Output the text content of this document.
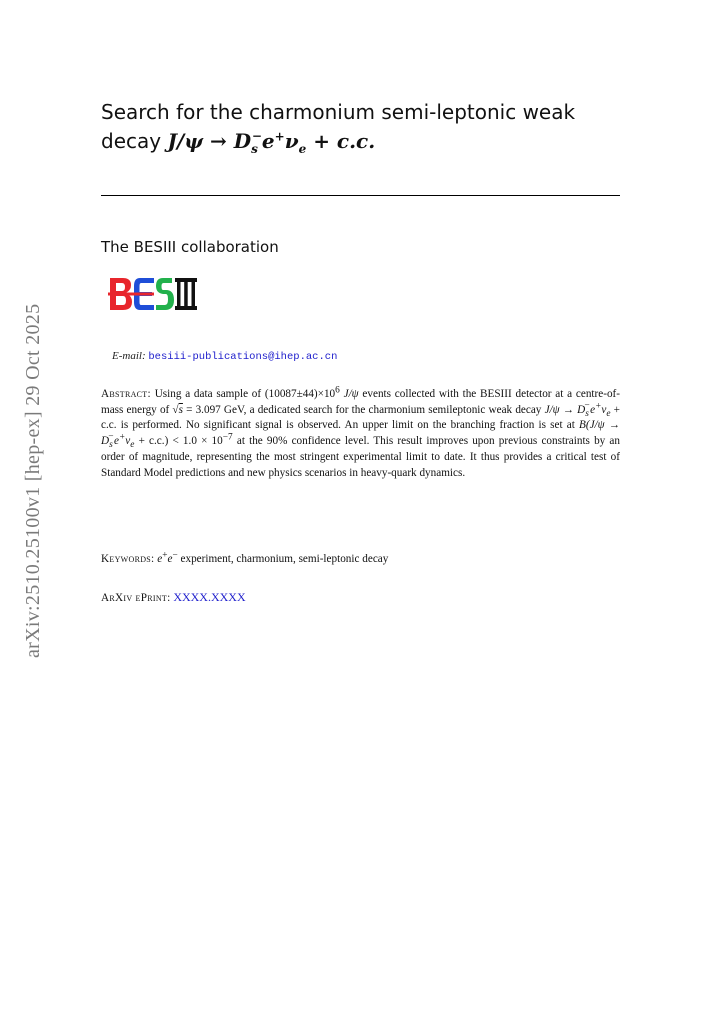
arXiv:2510.25100v1 [hep-ex] 29 Oct 2025
Search for the charmonium semi-leptonic weak
decay $J/\psi \to D_s^-e^+\nu_e + c.c$.
The BESIII collaboration
E-mail: besiii-publications@ihep.ac.cn
Abstract: Using a data sample of $(10087\pm 44)\times 10^6$ J/ψ events collected with the BESIII detector at a centre-of-mass energy of √s = 3.097 GeV, a dedicated search for the charmonium semileptonic weak decay $J/\psi \to D_s^-e^+\nu_e + c.c$. is performed. No significant signal is observed. An upper limit on the branching fraction is set at $B(J/\psi \to D_s^-e^+\nu_e + c.c.) < 1.0 \times 10^{-7}$ at the 90% confidence level. This result improves upon previous constraints by an order of magnitude, representing the most stringent experimental limit to date. It thus provides a critical test of Standard Model predictions and new physics scenarios in heavy-quark dynamics.
Keywords: e+e− experiment, charmonium, semi-leptonic decay
ArXiv ePrint: XXXX.XXXX
